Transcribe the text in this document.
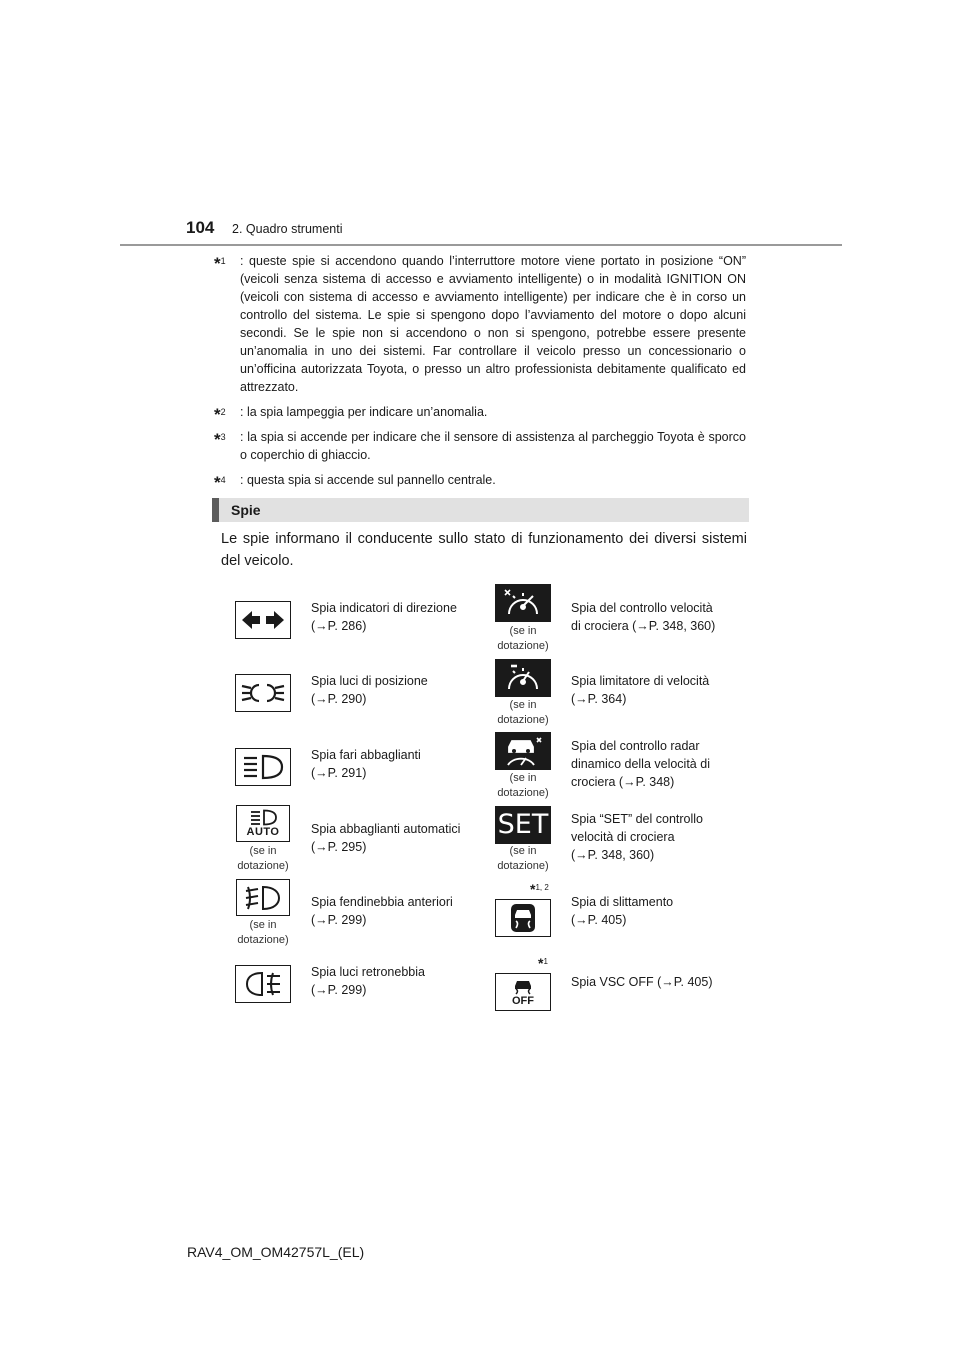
104 2. Quadro strumenti
*$^1$ : queste spie si accendono quando l’interruttore motore viene portato in posizione “ON” (veicoli senza sistema di accesso e avviamento intelligente) o in modalità IGNITION ON (veicoli con sistema di accesso e avviamento intelligente) per indicare che è in corso un controllo del sistema. Le spie si spengono dopo l’avviamento del motore o dopo alcuni secondi. Se le spie non si accendono o non si spengono, potrebbe essere presente un’anomalia in uno dei sistemi. Far controllare il veicolo presso un concessionario o un’officina autorizzata Toyota, o presso un altro professionista debitamente qualificato ed attrezzato.
*$^2$ : la spia lampeggia per indicare un’anomalia.
*$^3$ : la spia si accende per indicare che il sensore di assistenza al parcheggio Toyota è sporco o coperchio di ghiaccio.
*$^4$ : questa spia si accende sul pannello centrale.
Spie
Le spie informano il conducente sullo stato di funzionamento dei diversi sistemi del veicolo.
Spia indicatori di direzione
(→P. 286)
Spia luci di posizione
(→P. 290)
Spia fari abbaglianti
(→P. 291)
AUTO
(se in
dotazione)
Spia abbaglianti automatici
(→P. 295)
(se in
dotazione)
Spia fendinebbia anteriori
(→P. 299)
Spia luci retronebbia
(→P. 299)
(se in
dotazione)
Spia del controllo velocità
di crociera (→P. 348, 360)
(se in
dotazione)
Spia limitatore di velocità
(→P. 364)
(se in
dotazione)
Spia del controllo radar
dinamico della velocità di
crociera (→P. 348)
SET
(se in
dotazione)
Spia “SET” del controllo
velocità di crociera
(→P. 348, 360)
*$^{1, 2}$
Spia di slittamento
(→P. 405)
*$^1$
OFF
Spia VSC OFF (→P. 405)
RAV4_OM_OM42757L_(EL)
